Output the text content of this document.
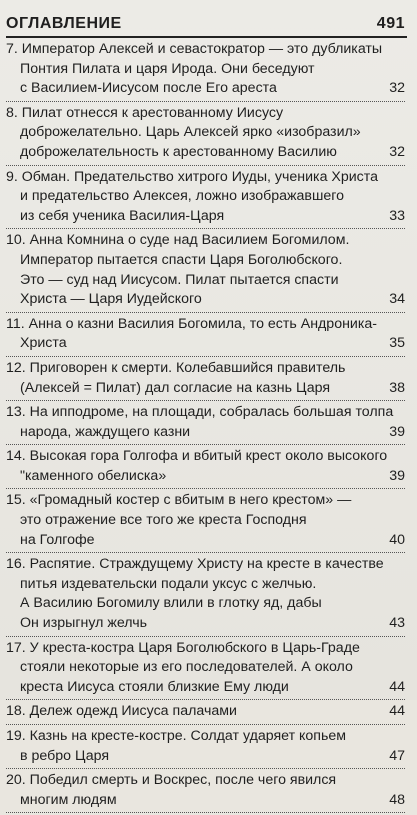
ОГЛАВЛЕНИЕ	491
7. Император Алексей и севастократор — это дубликаты
Понтия Пилата и царя Ирода. Они беседуют
с Василием-Иисусом после Его ареста	32
8. Пилат отнесся к арестованному Иисусу
доброжелательно. Царь Алексей ярко «изобразил»
доброжелательность к арестованному Василию	32
9. Обман. Предательство хитрого Иуды, ученика Христа
и предательство Алексея, ложно изображавшего
из себя ученика Василия-Царя	33
10. Анна Комнина о суде над Василием Богомилом.
Император пытается спасти Царя Боголюбского.
Это — суд над Иисусом. Пилат пытается спасти
Христа — Царя Иудейского	34
11. Анна о казни Василия Богомила, то есть Андроника-
Христа	35
12. Приговорен к смерти. Колебавшийся правитель
(Алексей = Пилат) дал согласие на казнь Царя	38
13. На ипподроме, на площади, собралась большая толпа
народа, жаждущего казни	39
14. Высокая гора Голгофа и вбитый крест около высокого
"каменного обелиска»	39
15. «Громадный костер с вбитым в него крестом» —
это отражение все того же креста Господня
на Голгофе	40
16. Распятие. Страждущему Христу на кресте в качестве
питья издевательски подали уксус с желчью.
А Василию Богомилу влили в глотку яд, дабы
Он изрыгнул желчь	43
17. У креста-костра Царя Боголюбского в Царь-Граде
стояли некоторые из его последователей. А около
креста Иисуса стояли близкие Ему люди	44
18. Дележ одежд Иисуса палачами	44
19. Казнь на кресте-костре. Солдат ударяет копьем
в ребро Царя	47
20. Победил смерть и Воскрес, после чего явился
многим людям	48
